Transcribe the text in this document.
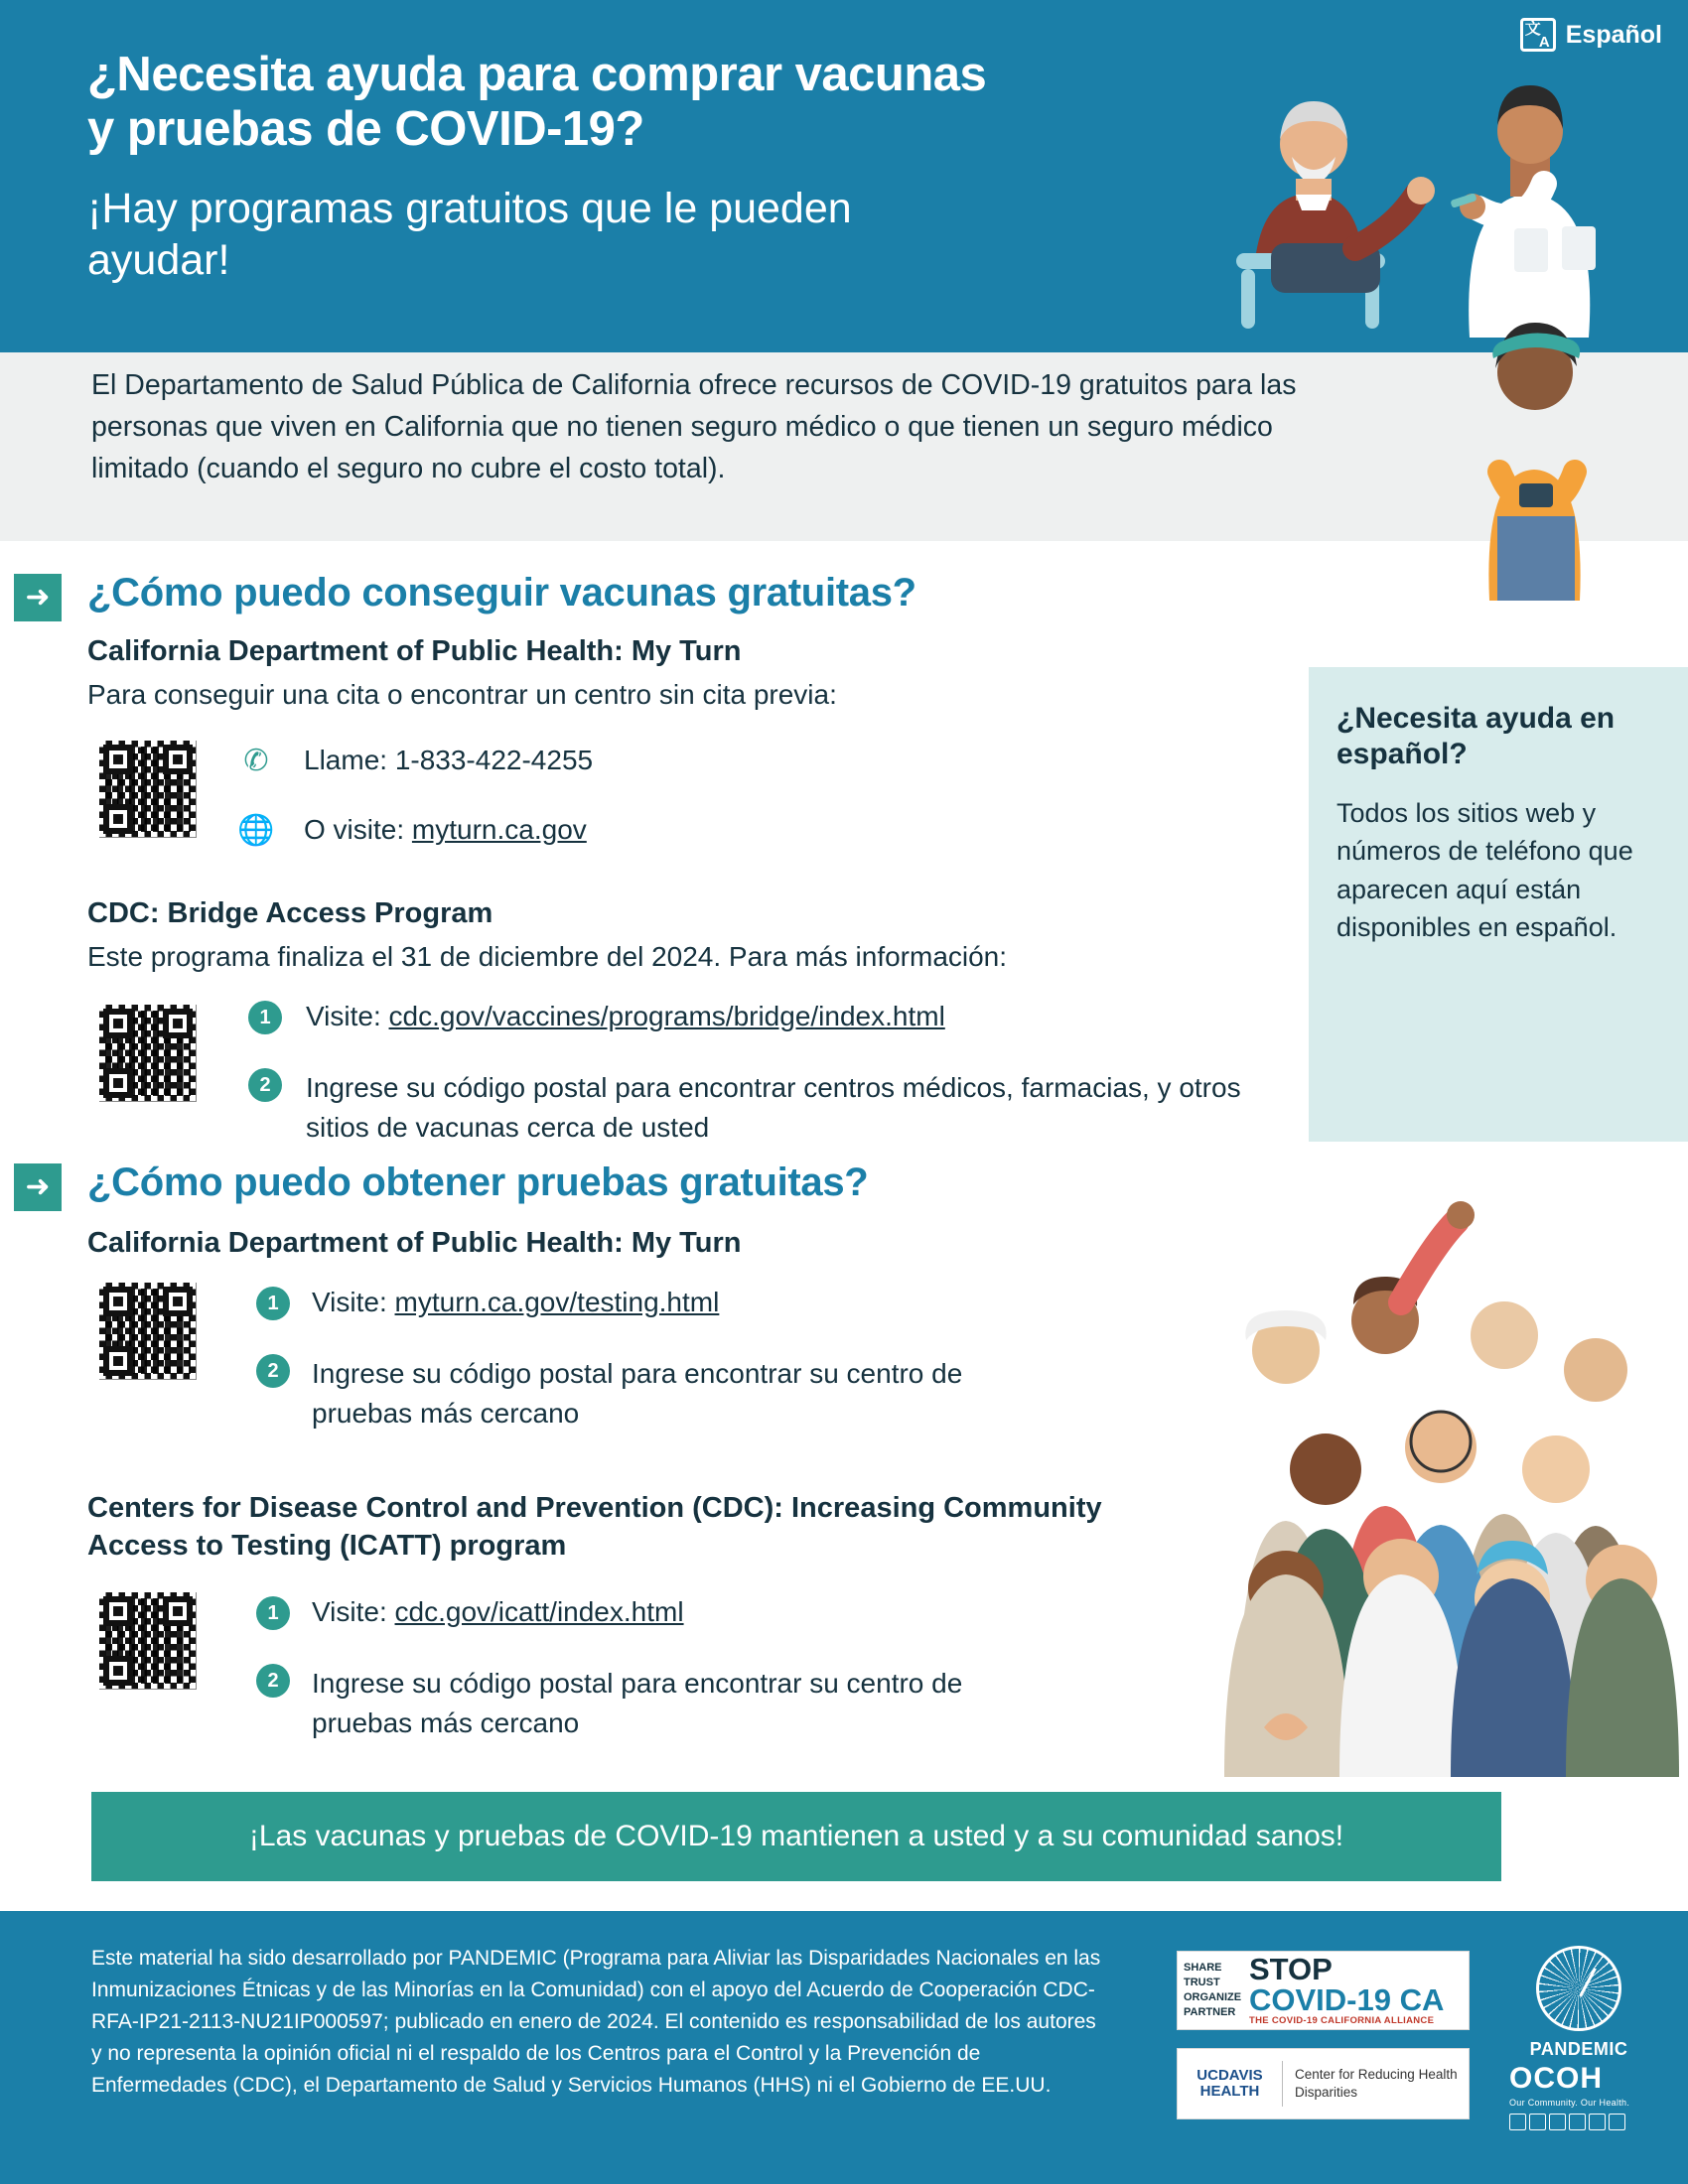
文 A
Español
¿Necesita ayuda para comprar vacunas y pruebas de COVID-19?
¡Hay programas gratuitos que le pueden ayudar!

El Departamento de Salud Pública de California ofrece recursos de COVID-19 gratuitos para las personas que viven en California que no tienen seguro médico o que tienen un seguro médico limitado (cuando el seguro no cubre el costo total).

➜ ¿Cómo puedo conseguir vacunas gratuitas?
California Department of Public Health: My Turn
Para conseguir una cita o encontrar un centro sin cita previa:
✆ Llame: 1-833-422-4255
🌐 O visite: myturn.ca.gov
CDC: Bridge Access Program
Este programa finaliza el 31 de diciembre del 2024. Para más información:
1	Visite: cdc.gov/vaccines/programs/bridge/index.html
2	Ingrese su código postal para encontrar centros médicos, farmacias, y otros sitios de vacunas cerca de usted
¿Necesita ayuda en español?

Todos los sitios web y números de teléfono que aparecen aquí están disponibles en español.

➜ ¿Cómo puedo obtener pruebas gratuitas?
California Department of Public Health: My Turn
1	Visite: myturn.ca.gov/testing.html
2	Ingrese su código postal para encontrar su centro de pruebas más cercano
Centers for Disease Control and Prevention (CDC): Increasing Community Access to Testing (ICATT) program
1	Visite: cdc.gov/icatt/index.html
2	Ingrese su código postal para encontrar su centro de pruebas más cercano
¡Las vacunas y pruebas de COVID-19 mantienen a usted y a su comunidad sanos!

Este material ha sido desarrollado por PANDEMIC (Programa para Aliviar las Disparidades Nacionales en las Inmunizaciones Étnicas y de las Minorías en la Comunidad) con el apoyo del Acuerdo de Cooperación CDC-RFA-IP21-2113-NU21IP000597; publicado en enero de 2024. El contenido es responsabilidad de los autores y no representa la opinión oficial ni el respaldo de los Centros para el Control y la Prevención de Enfermedades (CDC), el Departamento de Salud y Servicios Humanos (HHS) ni el Gobierno de EE.UU.

SHARE TRUST ORGANIZE PARTNER
STOP
COVID-19 CA
THE COVID-19 CALIFORNIA ALLIANCE
UCDAVIS
HEALTH
Center for Reducing Health Disparities
PANDEMIC
OCOH
Our Community. Our Health.
